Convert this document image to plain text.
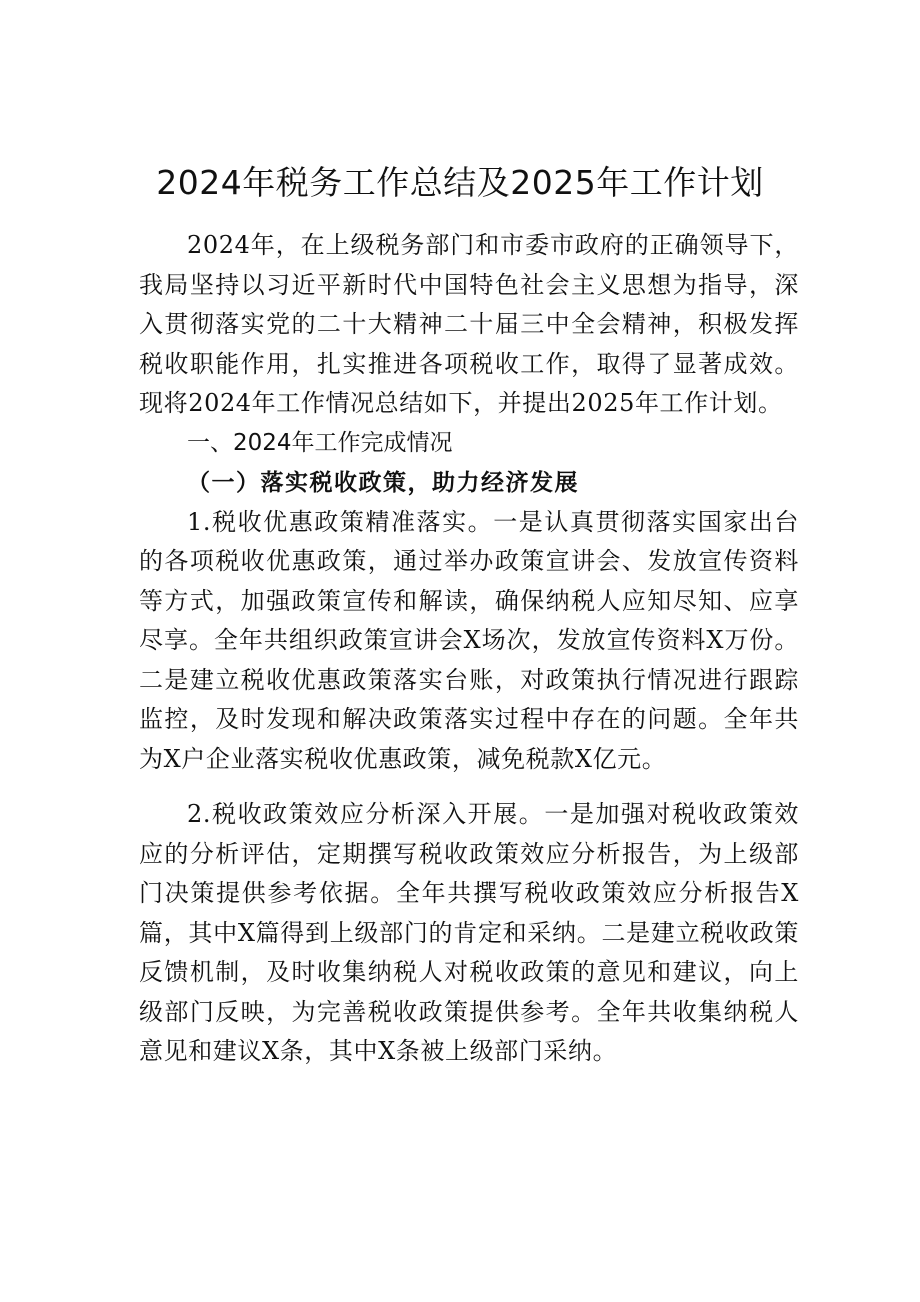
2024年税务工作总结及2025年工作计划

2024年，在上级税务部门和市委市政府的正确领导下，我局坚持以习近平新时代中国特色社会主义思想为指导，深入贯彻落实党的二十大精神二十届三中全会精神，积极发挥税收职能作用，扎实推进各项税收工作，取得了显著成效。现将2024年工作情况总结如下，并提出2025年工作计划。

一、2024年工作完成情况
（一）落实税收政策，助力经济发展

1.税收优惠政策精准落实。一是认真贯彻落实国家出台的各项税收优惠政策，通过举办政策宣讲会、发放宣传资料等方式，加强政策宣传和解读，确保纳税人应知尽知、应享尽享。全年共组织政策宣讲会X场次，发放宣传资料X万份。二是建立税收优惠政策落实台账，对政策执行情况进行跟踪监控，及时发现和解决政策落实过程中存在的问题。全年共为X户企业落实税收优惠政策，减免税款X亿元。

2.税收政策效应分析深入开展。一是加强对税收政策效应的分析评估，定期撰写税收政策效应分析报告，为上级部门决策提供参考依据。全年共撰写税收政策效应分析报告X篇，其中X篇得到上级部门的肯定和采纳。二是建立税收政策反馈机制，及时收集纳税人对税收政策的意见和建议，向上级部门反映，为完善税收政策提供参考。全年共收集纳税人意见和建议X条，其中X条被上级部门采纳。
